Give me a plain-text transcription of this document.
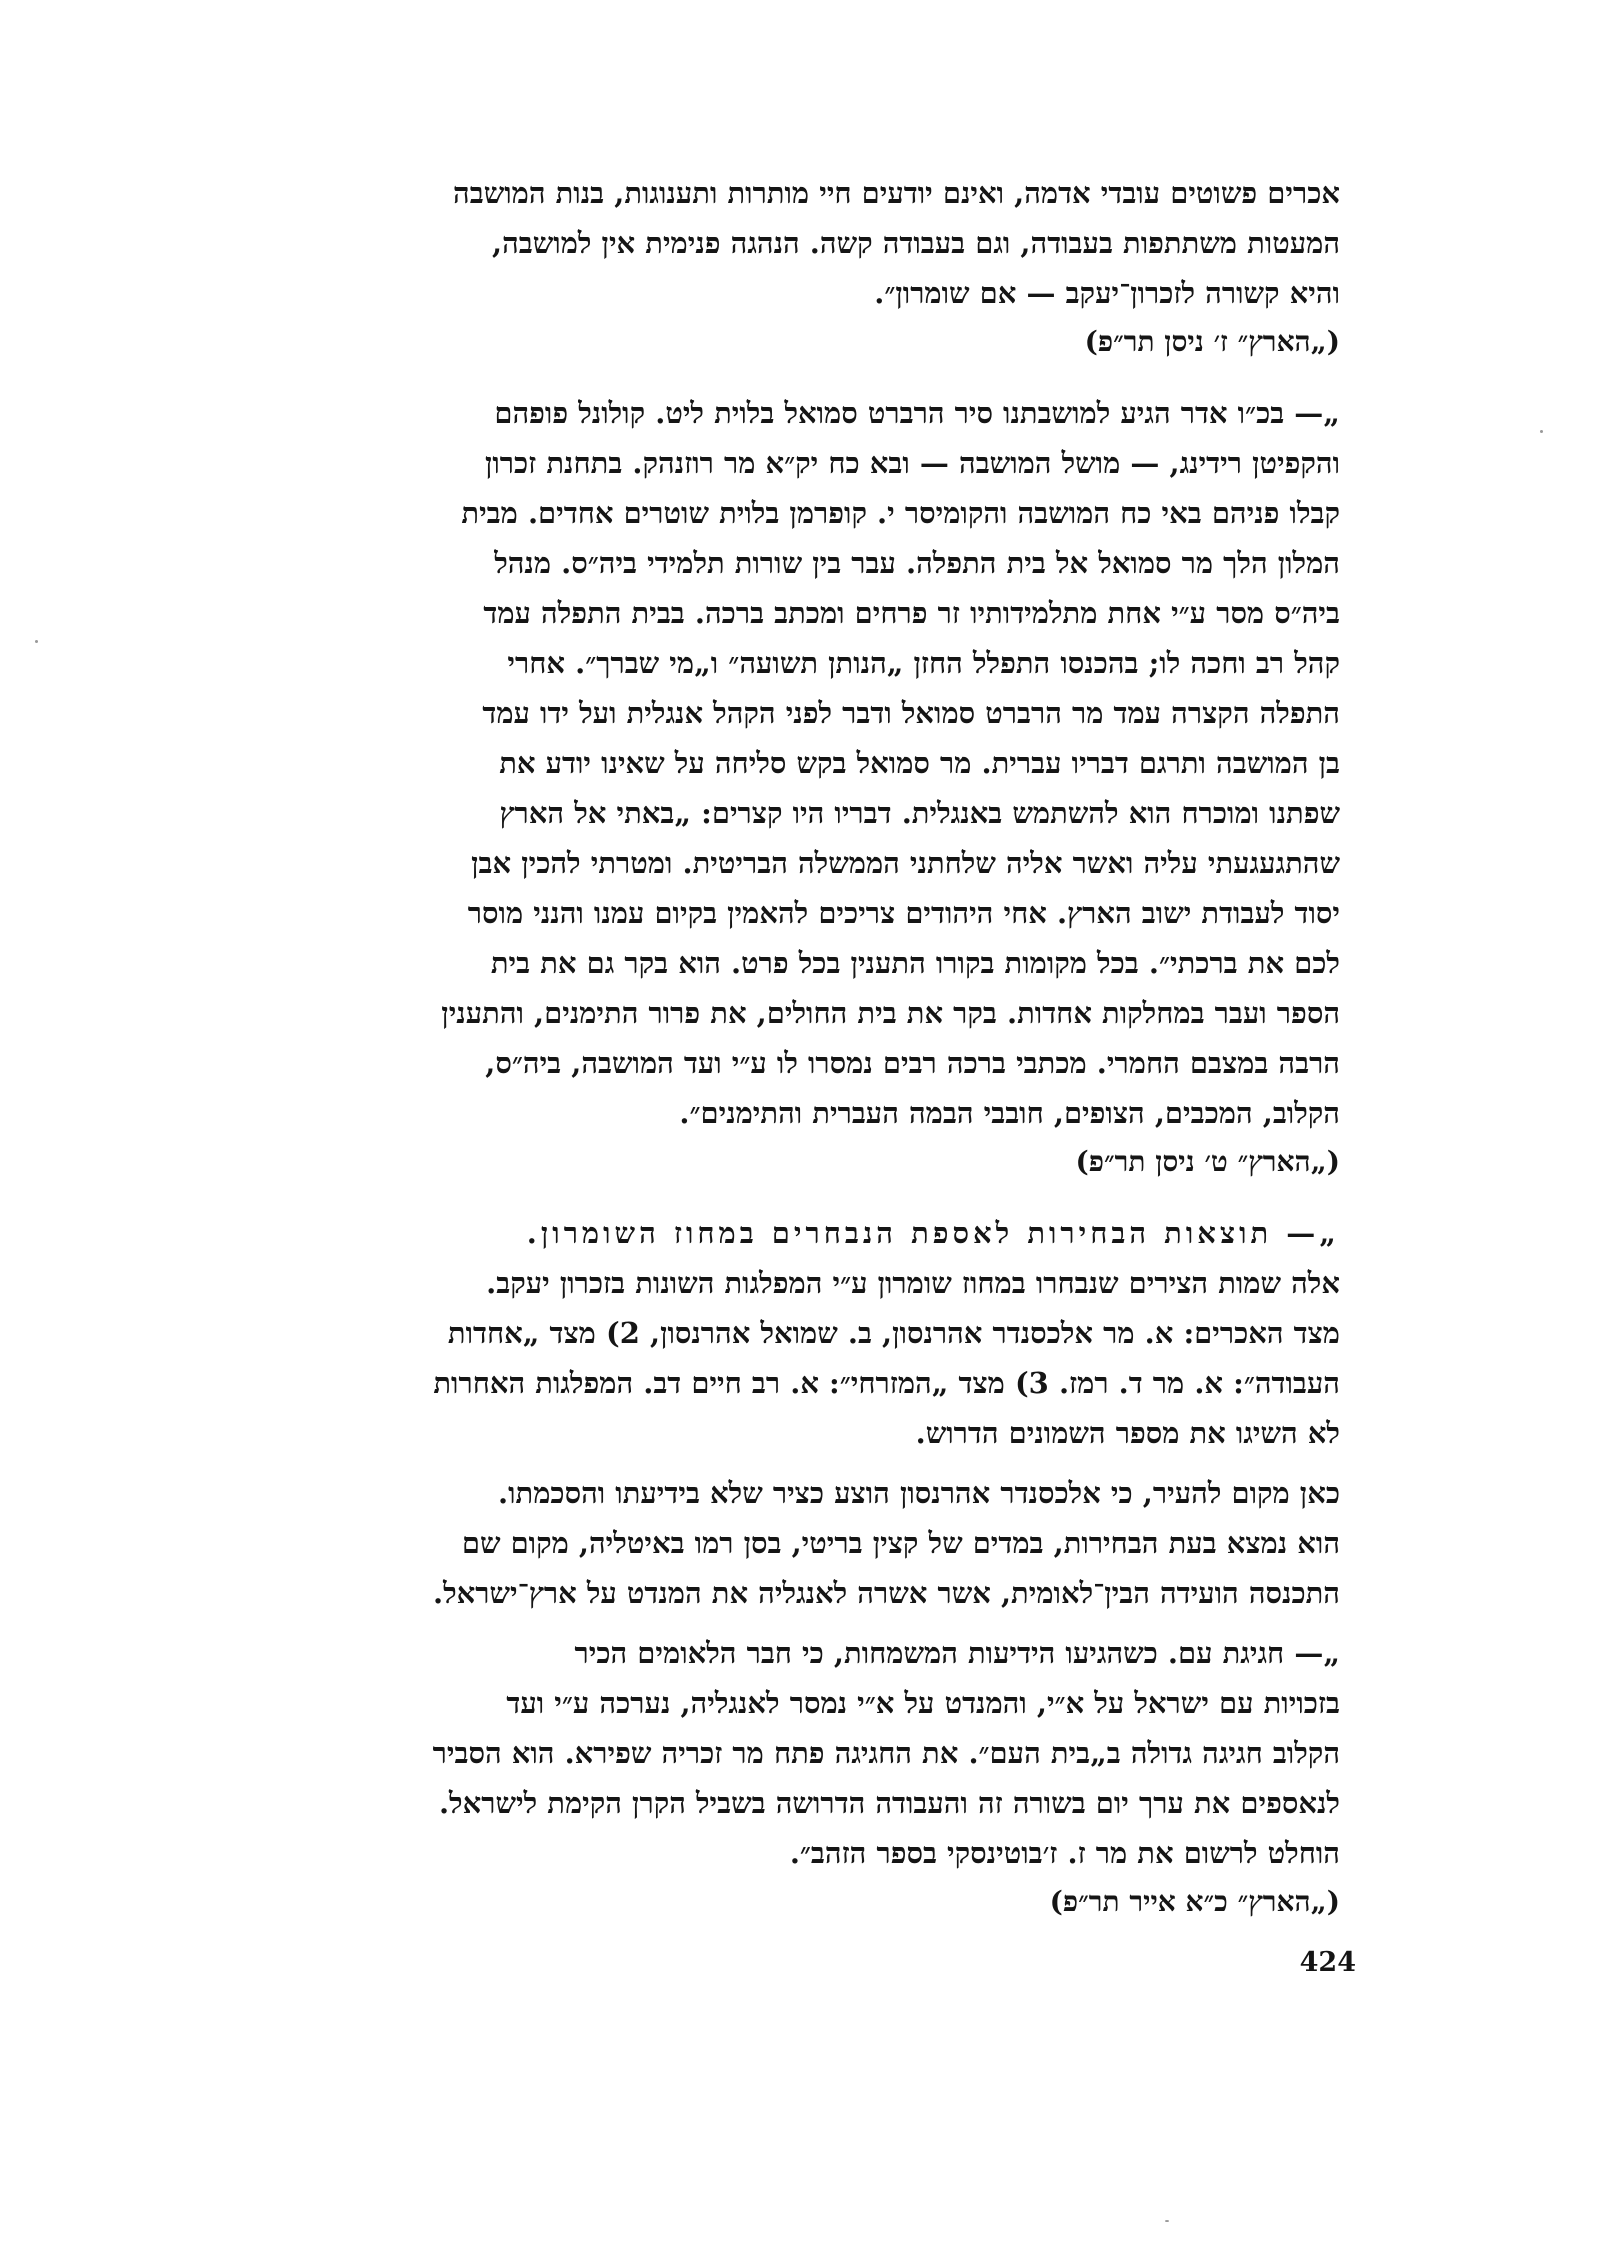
אכרים פשוטים עובדי אדמה, ואינם יודעים חיי מותרות ותענוגות, בנות המושבה
המעטות משתתפות בעבודה, וגם בעבודה קשה. הנהגה פנימית אין למושבה,
והיא קשורה לזכרון־יעקב — אם שומרון״.
(„הארץ״ ז׳ ניסן תר״פ)
„— בכ״ו אדר הגיע למושבתנו סיר הרברט סמואל בלוית ליט. קולונל פופהם
והקפיטן רידינג, — מושל המושבה — ובא כח יק״א מר רוזנהק. בתחנת זכרון
קבלו פניהם באי כח המושבה והקומיסר י. קופרמן בלוית שוטרים אחדים. מבית
המלון הלך מר סמואל אל בית התפלה. עבר בין שורות תלמידי ביה״ס. מנהל
ביה״ס מסר ע״י אחת מתלמידותיו זר פרחים ומכתב ברכה. בבית התפלה עמד
קהל רב וחכה לו; בהכנסו התפלל החזן „הנותן תשועה״ ו„מי שברך״. אחרי
התפלה הקצרה עמד מר הרברט סמואל ודבר לפני הקהל אנגלית ועל ידו עמד
בן המושבה ותרגם דבריו עברית. מר סמואל בקש סליחה על שאינו יודע את
שפתנו ומוכרח הוא להשתמש באנגלית. דבריו היו קצרים: „באתי אל הארץ
שהתגעגעתי עליה ואשר אליה שלחתני הממשלה הבריטית. ומטרתי להכין אבן
יסוד לעבודת ישוב הארץ. אחי היהודים צריכים להאמין בקיום עמנו והנני מוסר
לכם את ברכתי״. בכל מקומות בקורו התענין בכל פרט. הוא בקר גם את בית
הספר ועבר במחלקות אחדות. בקר את בית החולים, את פרור התימנים, והתענין
הרבה במצבם החמרי. מכתבי ברכה רבים נמסרו לו ע״י ועד המושבה, ביה״ס,
הקלוב, המכבים, הצופים, חובבי הבמה העברית והתימנים״.
(„הארץ״ ט׳ ניסן תר״פ)
„— תוצאות הבחירות לאספת הנבחרים במחוז השומרון.
אלה שמות הצירים שנבחרו במחוז שומרון ע״י המפלגות השונות בזכרון יעקב.
מצד האכרים: א. מר אלכסנדר אהרנסון, ב. שמואל אהרנסון, 2) מצד „אחדות
העבודה״: א. מר ד. רמז. 3) מצד „המזרחי״: א. רב חיים דב. המפלגות האחרות
לא השיגו את מספר השמונים הדרוש.
כאן מקום להעיר, כי אלכסנדר אהרנסון הוצע כציר שלא בידיעתו והסכמתו.
הוא נמצא בעת הבחירות, במדים של קצין בריטי, בסן רמו באיטליה, מקום שם
התכנסה הועידה הבין־לאומית, אשר אשרה לאנגליה את המנדט על ארץ־ישראל.
„— חגיגת עם. כשהגיעו הידיעות המשמחות, כי חבר הלאומים הכיר
בזכויות עם ישראל על א״י, והמנדט על א״י נמסר לאנגליה, נערכה ע״י ועד
הקלוב חגיגה גדולה ב„בית העם״. את החגיגה פתח מר זכריה שפירא. הוא הסביר
לנאספים את ערך יום בשורה זה והעבודה הדרושה בשביל הקרן הקימת לישראל.
הוחלט לרשום את מר ז. ז׳בוטינסקי בספר הזהב״.
(„הארץ״ כ״א אייר תר״פ)
424
